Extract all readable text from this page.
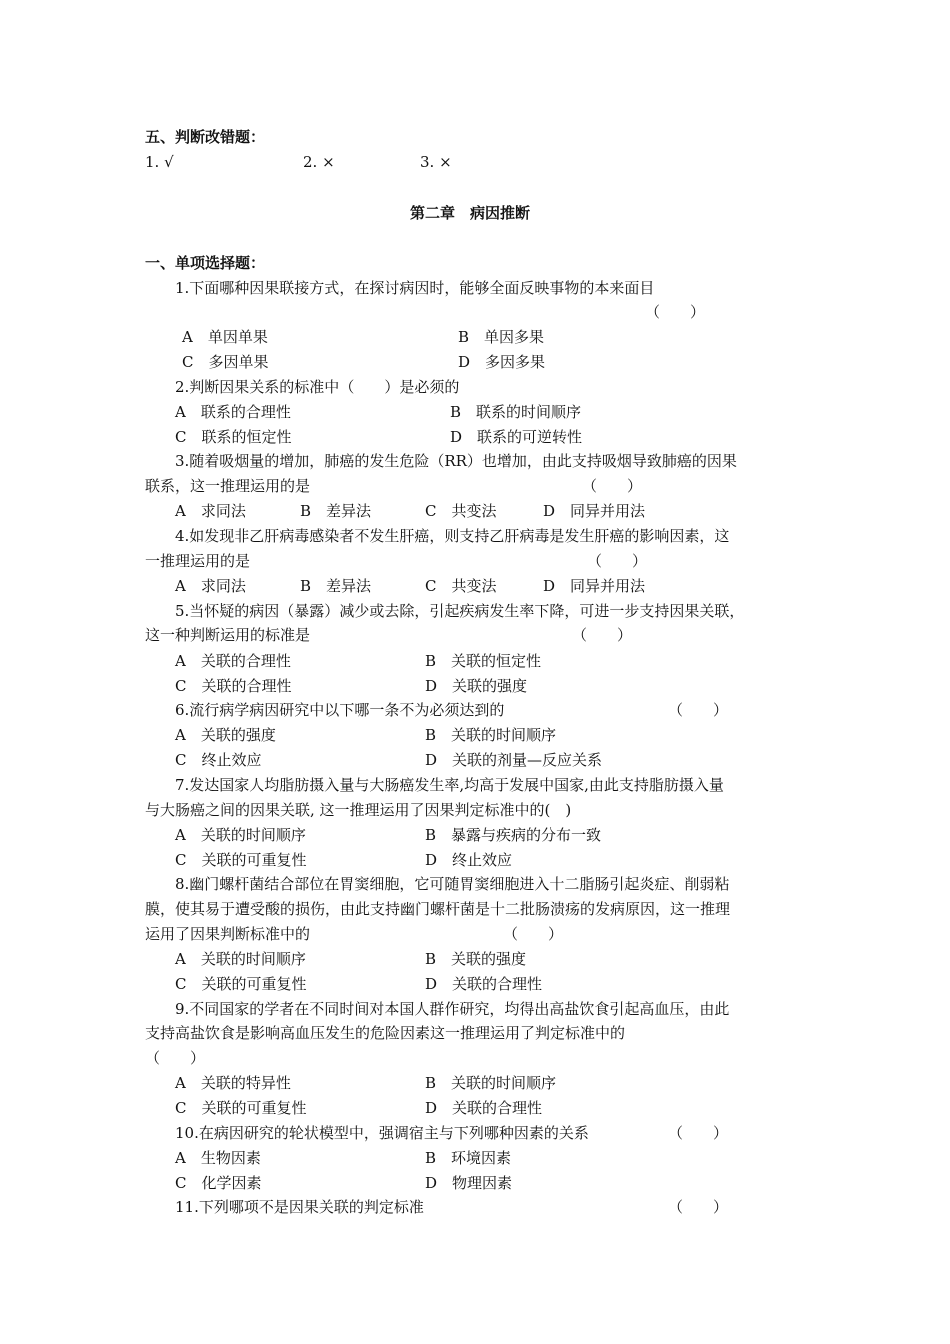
五、判断改错题：
1. √	2. ×	3. ×
第二章　病因推断
一、单项选择题：
1.下面哪种因果联接方式，在探讨病因时，能够全面反映事物的本来面目
（　　）
A　单因单果	B　单因多果
C　多因单果	D　多因多果
2.判断因果关系的标准中（　　）是必须的
A　联系的合理性	B　联系的时间顺序
C　联系的恒定性	D　联系的可逆转性
3.随着吸烟量的增加，肺癌的发生危险（RR）也增加，由此支持吸烟导致肺癌的因果
联系，这一推理运用的是	（　　）
A　求同法	B　差异法	C　共变法	D　同异并用法
4.如发现非乙肝病毒感染者不发生肝癌，则支持乙肝病毒是发生肝癌的影响因素，这
一推理运用的是	（　　）
A　求同法	B　差异法	C　共变法	D　同异并用法
5.当怀疑的病因（暴露）减少或去除，引起疾病发生率下降，可进一步支持因果关联，
这一种判断运用的标准是	（　　）
A　关联的合理性	B　关联的恒定性
C　关联的合理性	D　关联的强度
6.流行病学病因研究中以下哪一条不为必须达到的	（　　）
A　关联的强度	B　关联的时间顺序
C　终止效应	D　关联的剂量—反应关系
7.发达国家人均脂肪摄入量与大肠癌发生率,均高于发展中国家,由此支持脂肪摄入量
与大肠癌之间的因果关联, 这一推理运用了因果判定标准中的(　)
A　关联的时间顺序	B　暴露与疾病的分布一致
C　关联的可重复性	D　终止效应
8.幽门螺杆菌结合部位在胃窦细胞，它可随胃窦细胞进入十二脂肠引起炎症、削弱粘
膜，使其易于遭受酸的损伤，由此支持幽门螺杆菌是十二批肠溃疡的发病原因，这一推理
运用了因果判断标准中的	（　　）
A　关联的时间顺序	B　关联的强度
C　关联的可重复性	D　关联的合理性
9.不同国家的学者在不同时间对本国人群作研究，均得出高盐饮食引起高血压，由此
支持高盐饮食是影响高血压发生的危险因素这一推理运用了判定标准中的
（　　）
A　关联的特异性	B　关联的时间顺序
C　关联的可重复性	D　关联的合理性
10.在病因研究的轮状模型中，强调宿主与下列哪种因素的关系	（　　）
A　生物因素	B　环境因素
C　化学因素	D　物理因素
11.下列哪项不是因果关联的判定标准	（　　）
